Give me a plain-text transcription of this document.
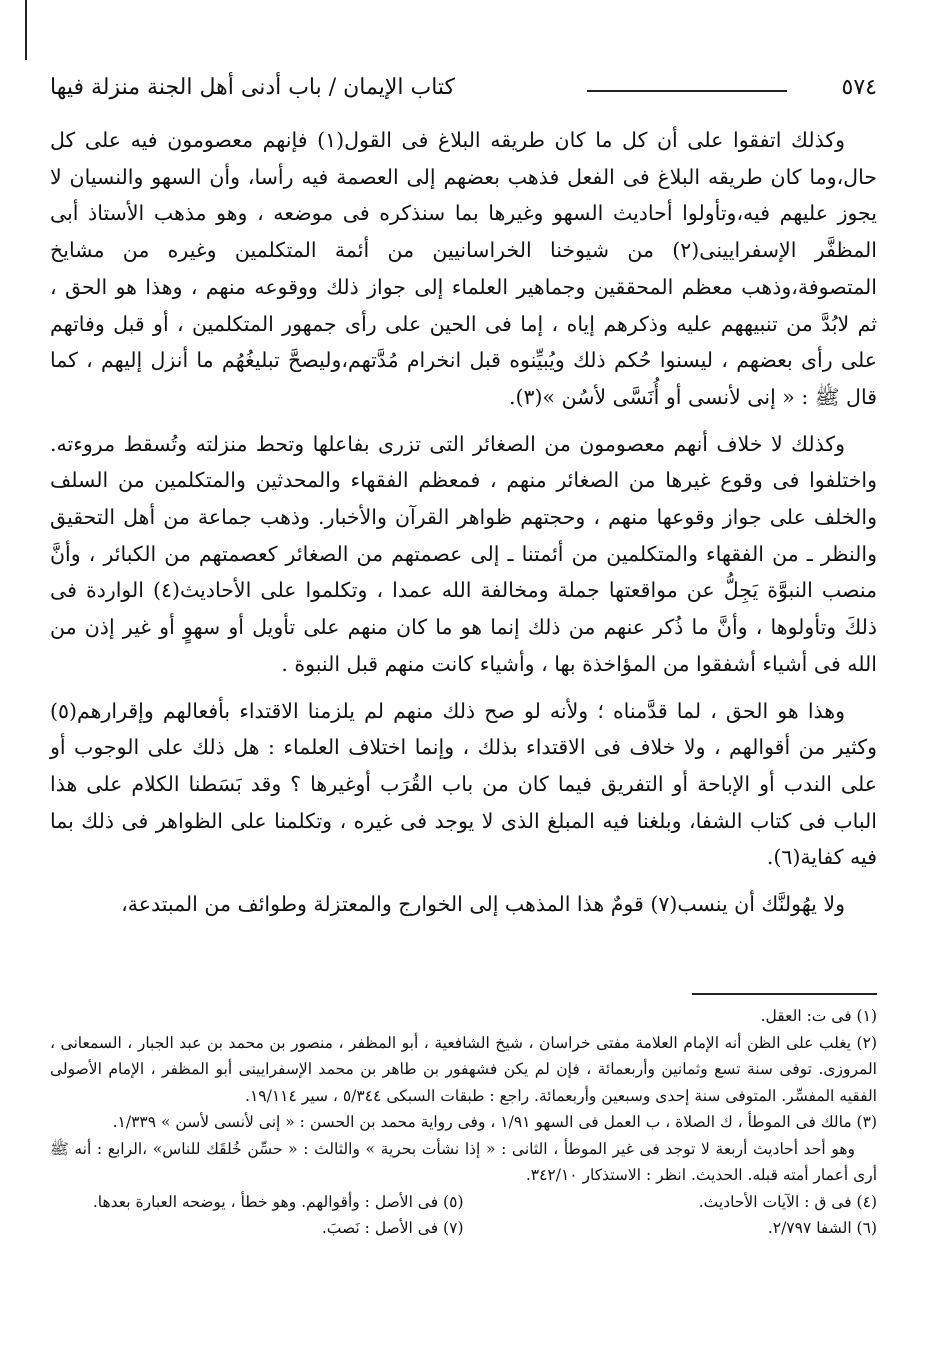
٥٧٤
كتاب الإيمان / باب أدنى أهل الجنة منزلة فيها

وكذلك اتفقوا على أن كل ما كان طريقه البلاغ فى القول(١) فإنهم معصومون فيه على كل حال،وما كان طريقه البلاغ فى الفعل فذهب بعضهم إلى العصمة فيه رأسا، وأن السهو والنسيان لا يجوز عليهم فيه،وتأولوا أحاديث السهو وغيرها بما سنذكره فى موضعه ، وهو مذهب الأستاذ أبى المظفَّر الإسفرايينى(٢) من شيوخنا الخراسانيين من أئمة المتكلمين وغيره من مشايخ المتصوفة،وذهب معظم المحققين وجماهير العلماء إلى جواز ذلك ووقوعه منهم ، وهذا هو الحق ، ثم لابُدَّ من تنبيههم عليه وذكرهم إياه ، إما فى الحين على رأى جمهور المتكلمين ، أو قبل وفاتهم على رأى بعضهم ، ليسنوا حُكم ذلك ويُبيِّنوه قبل انخرام مُدَّتهم،وليصحَّ تبليغُهُم ما أنزل إليهم ، كما قال ﷺ : « إنى لأنسى أو أُنَسَّى لأسُن »(٣).

وكذلك لا خلاف أنهم معصومون من الصغائر التى تزرى بفاعلها وتحط منزلته وتُسقط مروءته. واختلفوا فى وقوع غيرها من الصغائر منهم ، فمعظم الفقهاء والمحدثين والمتكلمين من السلف والخلف على جواز وقوعها منهم ، وحجتهم ظواهر القرآن والأخبار. وذهب جماعة من أهل التحقيق والنظر ـ من الفقهاء والمتكلمين من أئمتنا ـ إلى عصمتهم من الصغائر كعصمتهم من الكبائر ، وأنَّ منصب النبوَّة يَجِلُّ عن مواقعتها جملة ومخالفة الله عمدا ، وتكلموا على الأحاديث(٤) الواردة فى ذلكَ وتأولوها ، وأنَّ ما ذُكر عنهم من ذلك إنما هو ما كان منهم على تأويل أو سهوٍ أو غير إذن من الله فى أشياء أشفقوا من المؤاخذة بها ، وأشياء كانت منهم قبل النبوة .

وهذا هو الحق ، لما قدَّمناه ؛ ولأنه لو صح ذلك منهم لم يلزمنا الاقتداء بأفعالهم وإقرارهم(٥) وكثير من أقوالهم ، ولا خلاف فى الاقتداء بذلك ، وإنما اختلاف العلماء : هل ذلك على الوجوب أو على الندب أو الإباحة أو التفريق فيما كان من باب القُرَب أوغيرها ؟ وقد بَسَطنا الكلام على هذا الباب فى كتاب الشفا، وبلغنا فيه المبلغ الذى لا يوجد فى غيره ، وتكلمنا على الظواهر فى ذلك بما فيه كفاية(٦).

ولا يهُولنَّك أن ينسب(٧) قومٌ هذا المذهب إلى الخوارج والمعتزلة وطوائف من المبتدعة،

(١) فى ت: العقل.

(٢) يغلب على الظن أنه الإمام العلامة مفتى خراسان ، شيخ الشافعية ، أبو المظفر ، منصور بن محمد بن عبد الجبار ، السمعانى ، المروزى. توفى سنة تسع وثمانين وأربعمائة ، فإن لم يكن فشهفور بن طاهر بن محمد الإسفرايينى أبو المظفر ، الإمام الأصولى الفقيه المفسِّر. المتوفى سنة إحدى وسبعين وأربعمائة. راجع : طبقات السبكى ٥/٣٤٤ ، سير ١٩/١١٤.

(٣) مالك فى الموطأ ، ك الصلاة ، ب العمل فى السهو ١/٩١ ، وفى رواية محمد بن الحسن : « إنى لأنسى لأسن » ١/٣٣٩.

وهو أحد أحاديث أربعة لا توجد فى غير الموطأ ، الثانى : « إذا نشأت بحرية » والثالث : « حسِّن خُلقَك للناس» ،الرابع : أنه ﷺ أرى أعمار أمته قبله. الحديث. انظر : الاستذكار ٣٤٢/١٠.

(٤) فى ق : الآيات الأحاديث.
(٥) فى الأصل : وأقوالهم. وهو خطأ ، يوضحه العبارة بعدها.
(٦) الشفا ٢/٧٩٧.
(٧) فى الأصل : نَصبَ.
